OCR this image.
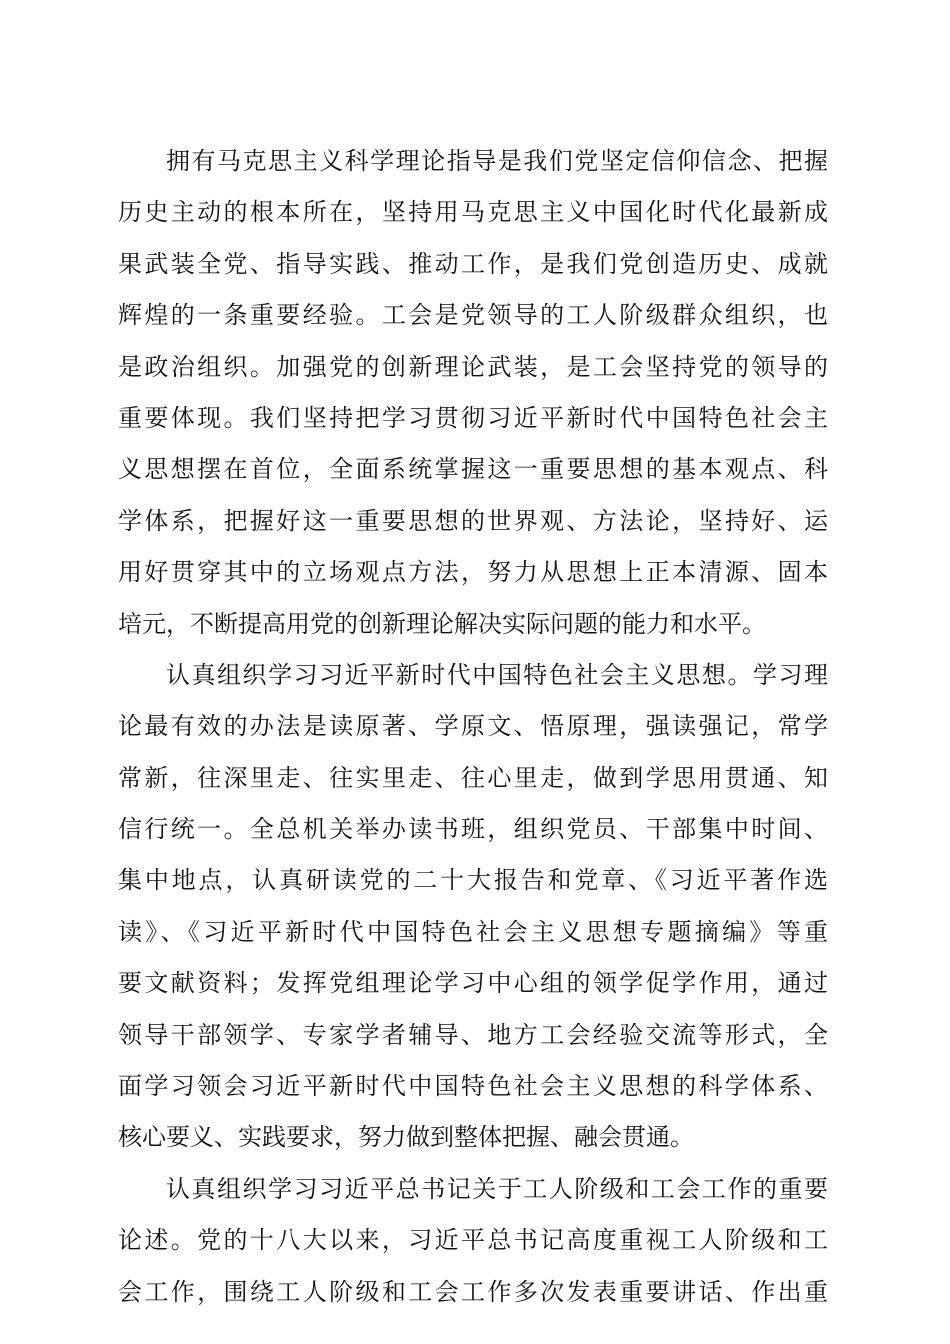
拥有马克思主义科学理论指导是我们党坚定信仰信念、把握
历史主动的根本所在，坚持用马克思主义中国化时代化最新成
果武装全党、指导实践、推动工作，是我们党创造历史、成就
辉煌的一条重要经验。工会是党领导的工人阶级群众组织，也
是政治组织。加强党的创新理论武装，是工会坚持党的领导的
重要体现。我们坚持把学习贯彻习近平新时代中国特色社会主
义思想摆在首位，全面系统掌握这一重要思想的基本观点、科
学体系，把握好这一重要思想的世界观、方法论，坚持好、运
用好贯穿其中的立场观点方法，努力从思想上正本清源、固本
培元，不断提高用党的创新理论解决实际问题的能力和水平。
认真组织学习习近平新时代中国特色社会主义思想。学习理
论最有效的办法是读原著、学原文、悟原理，强读强记，常学
常新，往深里走、往实里走、往心里走，做到学思用贯通、知
信行统一。全总机关举办读书班，组织党员、干部集中时间、
集中地点，认真研读党的二十大报告和党章、《习近平著作选
读》、《习近平新时代中国特色社会主义思想专题摘编》等重
要文献资料；发挥党组理论学习中心组的领学促学作用，通过
领导干部领学、专家学者辅导、地方工会经验交流等形式，全
面学习领会习近平新时代中国特色社会主义思想的科学体系、
核心要义、实践要求，努力做到整体把握、融会贯通。
认真组织学习习近平总书记关于工人阶级和工会工作的重要
论述。党的十八大以来，习近平总书记高度重视工人阶级和工
会工作，围绕工人阶级和工会工作多次发表重要讲话、作出重
